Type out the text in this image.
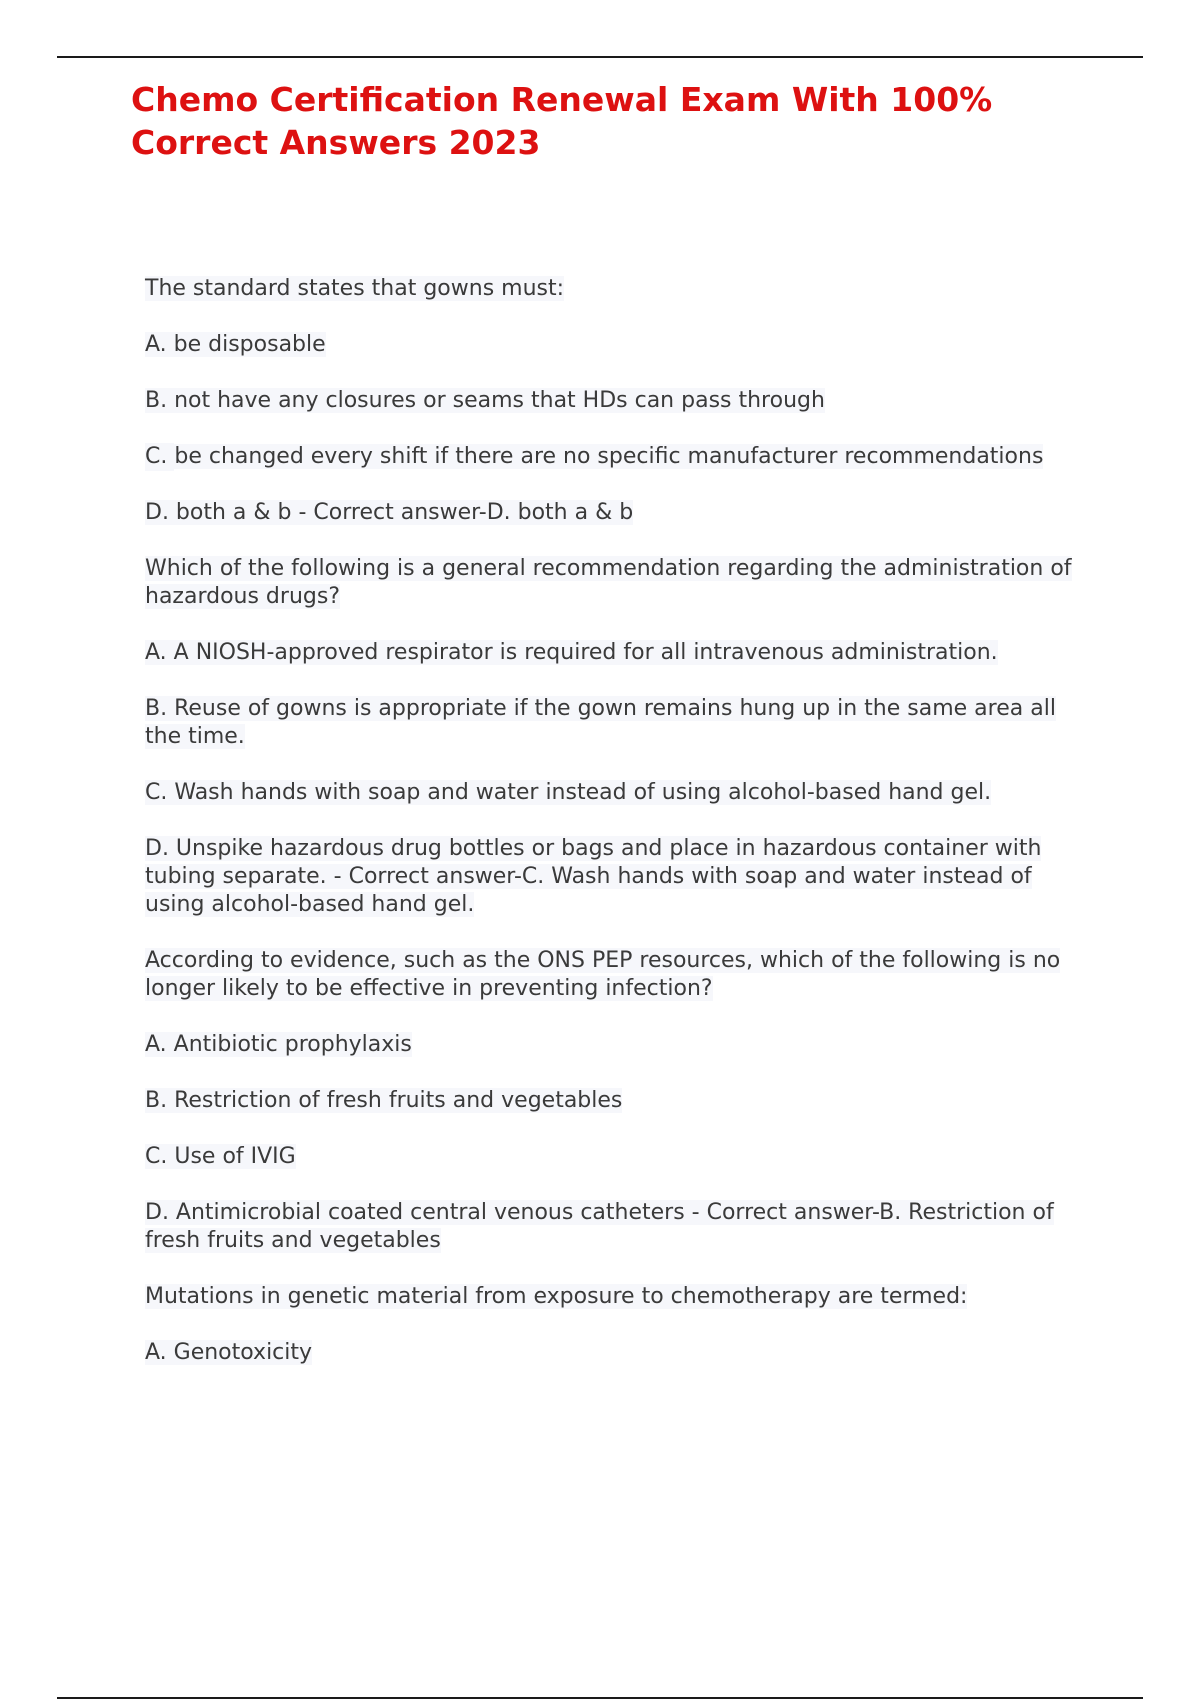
Chemo Certification Renewal Exam With 100% Correct Answers 2023

The standard states that gowns must:

A. be disposable

B. not have any closures or seams that HDs can pass through

C. be changed every shift if there are no specific manufacturer recommendations

D. both a & b - Correct answer-D. both a & b

Which of the following is a general recommendation regarding the administration of hazardous drugs?

A. A NIOSH-approved respirator is required for all intravenous administration.

B. Reuse of gowns is appropriate if the gown remains hung up in the same area all the time.

C. Wash hands with soap and water instead of using alcohol-based hand gel.

D. Unspike hazardous drug bottles or bags and place in hazardous container with tubing separate. - Correct answer-C. Wash hands with soap and water instead of using alcohol-based hand gel.

According to evidence, such as the ONS PEP resources, which of the following is no longer likely to be effective in preventing infection?

A. Antibiotic prophylaxis

B. Restriction of fresh fruits and vegetables

C. Use of IVIG

D. Antimicrobial coated central venous catheters - Correct answer-B. Restriction of fresh fruits and vegetables

Mutations in genetic material from exposure to chemotherapy are termed:

A. Genotoxicity
